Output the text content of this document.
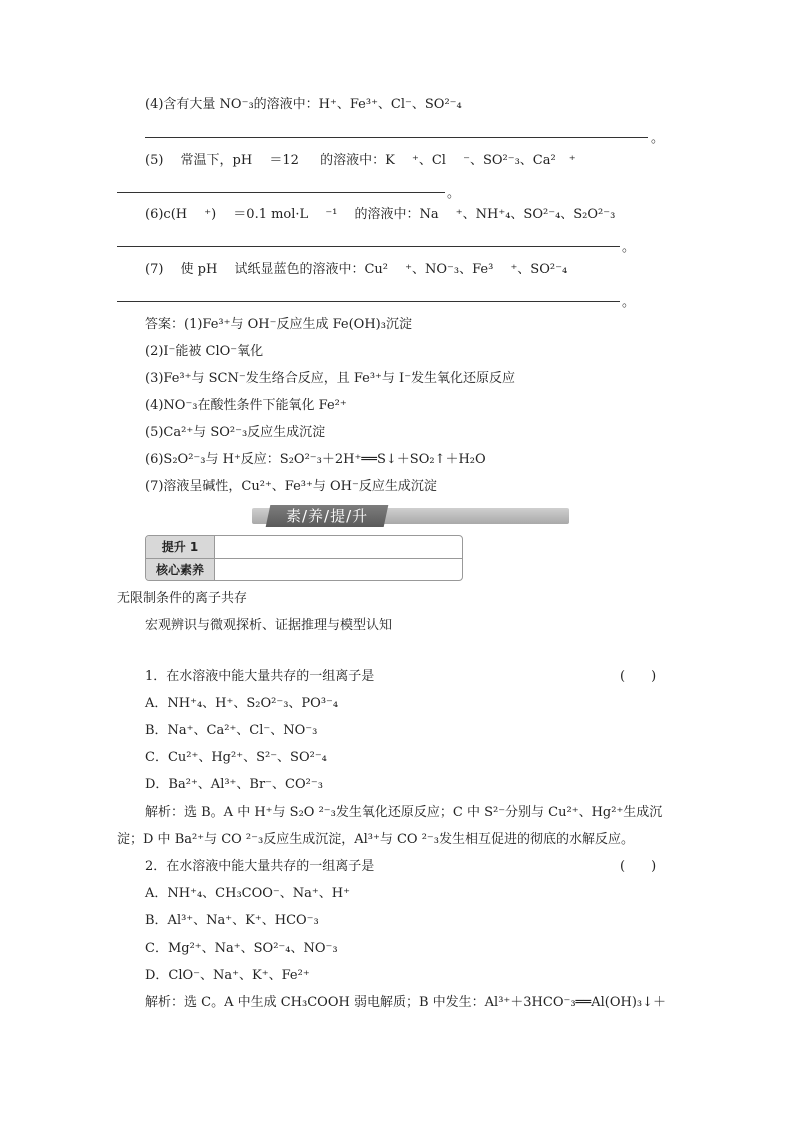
(4)含有大量 NO⁻₃的溶液中：H⁺、Fe³⁺、Cl⁻、SO²⁻₄
。
(5)　 常温下，pH 　＝12 　 的溶液中：K 　⁺、Cl 　⁻、SO²⁻₃、Ca²　⁺
。
(6)c(H 　⁺) 　＝0.1 mol·L 　⁻¹ 　的溶液中：Na 　⁺、NH⁺₄、SO²⁻₄、S₂O²⁻₃
。
(7)　 使 pH 　试纸显蓝色的溶液中：Cu² 　⁺、NO⁻₃、Fe³ 　⁺、SO²⁻₄
。
答案：(1)Fe³⁺与 OH⁻反应生成 Fe(OH)₃沉淀
(2)I⁻能被 ClO⁻氧化
(3)Fe³⁺与 SCN⁻发生络合反应，且 Fe³⁺与 I⁻发生氧化还原反应
(4)NO⁻₃在酸性条件下能氧化 Fe²⁺
(5)Ca²⁺与 SO²⁻₃反应生成沉淀
(6)S₂O²⁻₃与 H⁺反应：S₂O²⁻₃＋2H⁺══S↓＋SO₂↑＋H₂O
(7)溶液呈碱性，Cu²⁺、Fe³⁺与 OH⁻反应生成沉淀
素/养/提/升
提升 1
核心素养
无限制条件的离子共存
宏观辨识与微观探析、证据推理与模型认知
1．在水溶液中能大量共存的一组离子是	(　　)
A．NH⁺₄、H⁺、S₂O²⁻₃、PO³⁻₄
B．Na⁺、Ca²⁺、Cl⁻、NO⁻₃
C．Cu²⁺、Hg²⁺、S²⁻、SO²⁻₄
D．Ba²⁺、Al³⁺、Br⁻、CO²⁻₃
解析：选 B。A 中 H⁺与 S₂O ²⁻₃发生氧化还原反应；C 中 S²⁻分别与 Cu²⁺、Hg²⁺生成沉
淀；D 中 Ba²⁺与 CO ²⁻₃反应生成沉淀，Al³⁺与 CO ²⁻₃发生相互促进的彻底的水解反应。
2．在水溶液中能大量共存的一组离子是	(　　)
A．NH⁺₄、CH₃COO⁻、Na⁺、H⁺
B．Al³⁺、Na⁺、K⁺、HCO⁻₃
C．Mg²⁺、Na⁺、SO²⁻₄、NO⁻₃
D．ClO⁻、Na⁺、K⁺、Fe²⁺
解析：选 C。A 中生成 CH₃COOH 弱电解质；B 中发生：Al³⁺＋3HCO⁻₃══Al(OH)₃↓＋
